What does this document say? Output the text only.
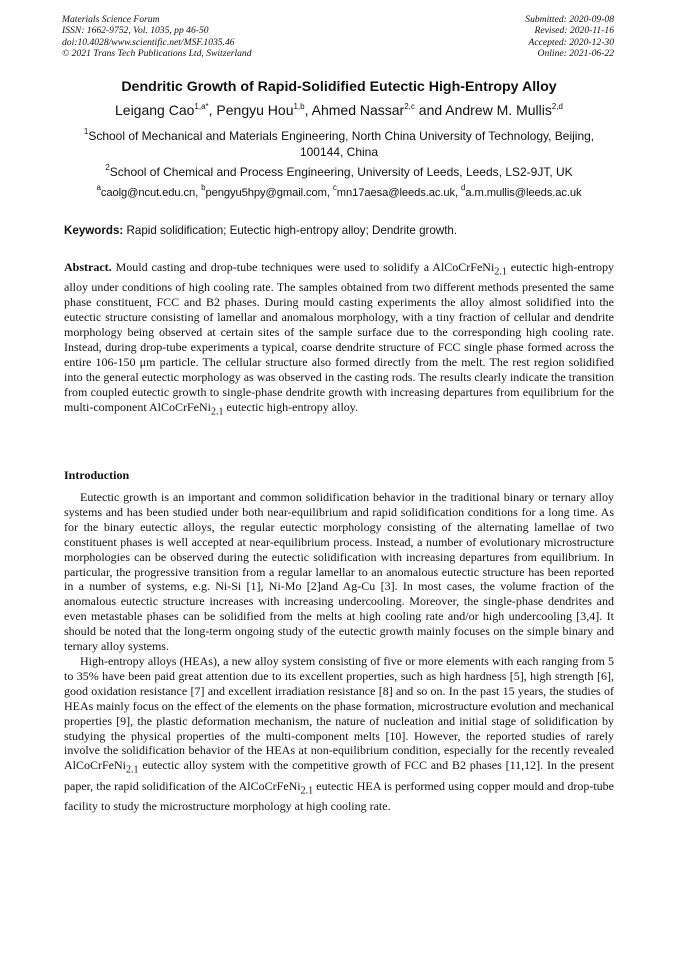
Materials Science Forum
ISSN: 1662-9752, Vol. 1035, pp 46-50
doi:10.4028/www.scientific.net/MSF.1035.46
© 2021 Trans Tech Publications Ltd, Switzerland
Submitted: 2020-09-08
Revised: 2020-11-16
Accepted: 2020-12-30
Online: 2021-06-22
Dendritic Growth of Rapid-Solidified Eutectic High-Entropy Alloy
Leigang Cao$^{1,a*}$, Pengyu Hou$^{1,b}$, Ahmed Nassar$^{2,c}$ and Andrew M. Mullis$^{2,d}$
$^1$School of Mechanical and Materials Engineering, North China University of Technology, Beijing, 100144, China
$^2$School of Chemical and Process Engineering, University of Leeds, Leeds, LS2-9JT, UK
$^a$caolg@ncut.edu.cn, $^b$pengyu5hpy@gmail.com, $^c$mn17aesa@leeds.ac.uk, $^d$a.m.mullis@leeds.ac.uk
Keywords: Rapid solidification; Eutectic high-entropy alloy; Dendrite growth.
Abstract. Mould casting and drop-tube techniques were used to solidify a AlCoCrFeNi$_{2.1}$ eutectic high-entropy alloy under conditions of high cooling rate. The samples obtained from two different methods presented the same phase constituent, FCC and B2 phases. During mould casting experiments the alloy almost solidified into the eutectic structure consisting of lamellar and anomalous morphology, with a tiny fraction of cellular and dendrite morphology being observed at certain sites of the sample surface due to the corresponding high cooling rate. Instead, during drop-tube experiments a typical, coarse dendrite structure of FCC single phase formed across the entire 106-150 μm particle. The cellular structure also formed directly from the melt. The rest region solidified into the general eutectic morphology as was observed in the casting rods. The results clearly indicate the transition from coupled eutectic growth to single-phase dendrite growth with increasing departures from equilibrium for the multi-component AlCoCrFeNi$_{2.1}$ eutectic high-entropy alloy.
Introduction

Eutectic growth is an important and common solidification behavior in the traditional binary or ternary alloy systems and has been studied under both near-equilibrium and rapid solidification conditions for a long time. As for the binary eutectic alloys, the regular eutectic morphology consisting of the alternating lamellae of two constituent phases is well accepted at near-equilibrium process. Instead, a number of evolutionary microstructure morphologies can be observed during the eutectic solidification with increasing departures from equilibrium. In particular, the progressive transition from a regular lamellar to an anomalous eutectic structure has been reported in a number of systems, e.g. Ni-Si [1], Ni-Mo [2]and Ag-Cu [3]. In most cases, the volume fraction of the anomalous eutectic structure increases with increasing undercooling. Moreover, the single-phase dendrites and even metastable phases can be solidified from the melts at high cooling rate and/or high undercooling [3,4]. It should be noted that the long-term ongoing study of the eutectic growth mainly focuses on the simple binary and ternary alloy systems.

High-entropy alloys (HEAs), a new alloy system consisting of five or more elements with each ranging from 5 to 35% have been paid great attention due to its excellent properties, such as high hardness [5], high strength [6], good oxidation resistance [7] and excellent irradiation resistance [8] and so on. In the past 15 years, the studies of HEAs mainly focus on the effect of the elements on the phase formation, microstructure evolution and mechanical properties [9], the plastic deformation mechanism, the nature of nucleation and initial stage of solidification by studying the physical properties of the multi-component melts [10]. However, the reported studies of rarely involve the solidification behavior of the HEAs at non-equilibrium condition, especially for the recently revealed AlCoCrFeNi$_{2.1}$ eutectic alloy system with the competitive growth of FCC and B2 phases [11,12]. In the present paper, the rapid solidification of the AlCoCrFeNi$_{2.1}$ eutectic HEA is performed using copper mould and drop-tube facility to study the microstructure morphology at high cooling rate.
